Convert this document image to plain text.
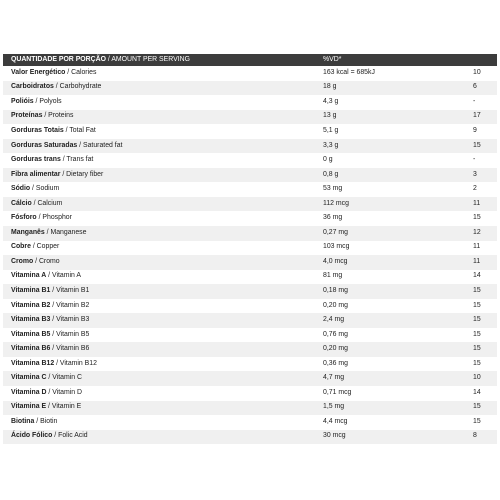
QUANTIDADE POR PORÇÃO / AMOUNT PER SERVING	%VD*	
Valor Energético / Calories	163 kcal = 685kJ	10
Carboidratos / Carbohydrate	18 g	6
Polióis / Polyols	4,3 g	-
Proteínas / Proteins	13 g	17
Gorduras Totais / Total Fat	5,1 g	9
Gorduras Saturadas / Saturated fat	3,3 g	15
Gorduras trans / Trans fat	0 g	-
Fibra alimentar / Dietary fiber	0,8 g	3
Sódio / Sodium	53 mg	2
Cálcio / Calcium	112 mcg	11
Fósforo / Phosphor	36 mg	15
Manganês / Manganese	0,27 mg	12
Cobre / Copper	103 mcg	11
Cromo / Cromo	4,0 mcg	11
Vitamina A / Vitamin A	81 mg	14
Vitamina B1 / Vitamin B1	0,18 mg	15
Vitamina B2 / Vitamin B2	0,20 mg	15
Vitamina B3 / Vitamin B3	2,4 mg	15
Vitamina B5 / Vitamin B5	0,76 mg	15
Vitamina B6 / Vitamin B6	0,20 mg	15
Vitamina B12 / Vitamin B12	0,36 mg	15
Vitamina C / Vitamin C	4,7 mg	10
Vitamina D / Vitamin D	0,71 mcg	14
Vitamina E / Vitamin E	1,5 mg	15
Biotina / Biotin	4,4 mcg	15
Ácido Fólico / Folic Acid	30 mcg	8
